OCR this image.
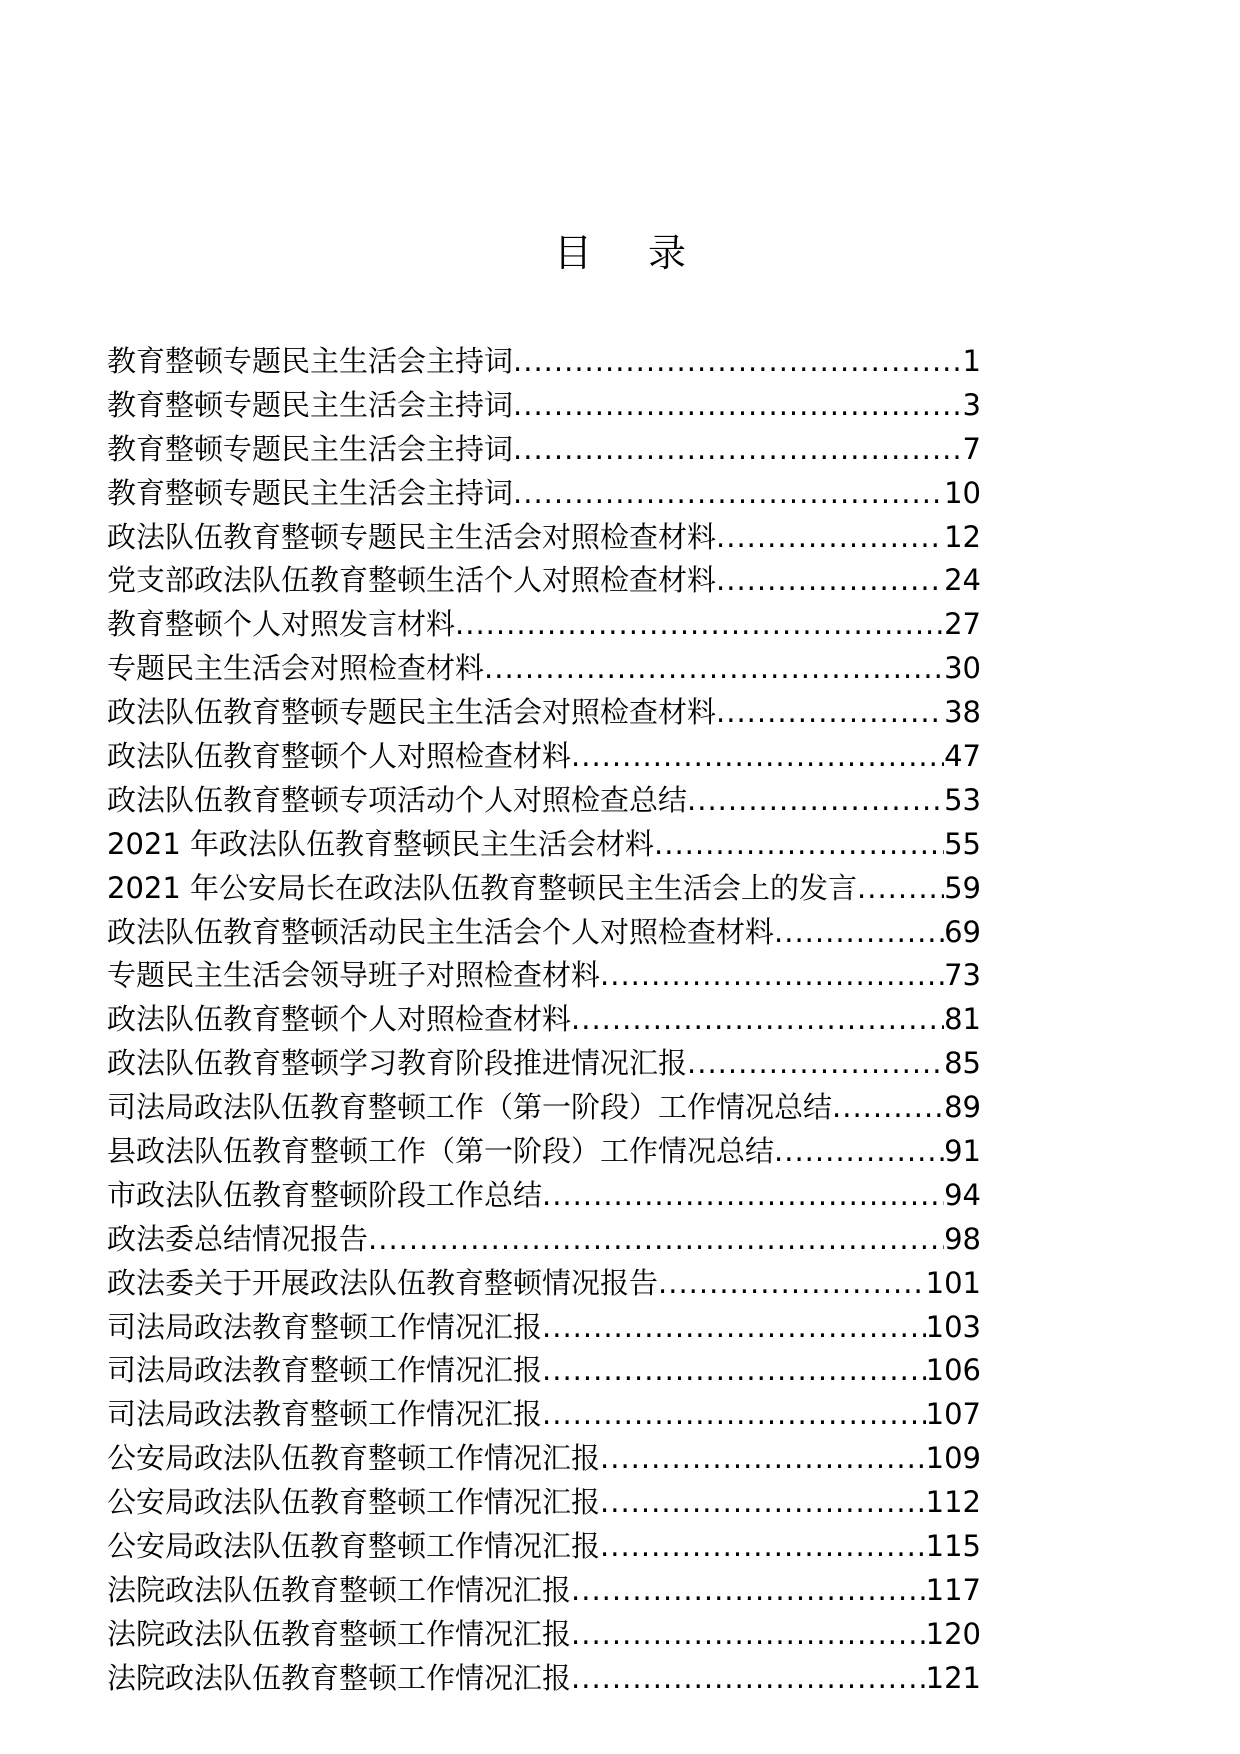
目 录
教育整顿专题民主生活会主持词 .....	1
教育整顿专题民主生活会主持词 .....	3
教育整顿专题民主生活会主持词 .....	7
教育整顿专题民主生活会主持词 .....	10
政法队伍教育整顿专题民主生活会对照检查材料 .....	12
党支部政法队伍教育整顿生活个人对照检查材料 .....	24
教育整顿个人对照发言材料 .....	27
专题民主生活会对照检查材料 .....	30
政法队伍教育整顿专题民主生活会对照检查材料 .....	38
政法队伍教育整顿个人对照检查材料 .....	47
政法队伍教育整顿专项活动个人对照检查总结 .....	53
2021 年政法队伍教育整顿民主生活会材料 .....	55
2021 年公安局长在政法队伍教育整顿民主生活会上的发言 .....	59
政法队伍教育整顿活动民主生活会个人对照检查材料 .....	69
专题民主生活会领导班子对照检查材料 .....	73
政法队伍教育整顿个人对照检查材料 .....	81
政法队伍教育整顿学习教育阶段推进情况汇报 .....	85
司法局政法队伍教育整顿工作（第一阶段）工作情况总结 .....	89
县政法队伍教育整顿工作（第一阶段）工作情况总结 .....	91
市政法队伍教育整顿阶段工作总结 .....	94
政法委总结情况报告 .....	98
政法委关于开展政法队伍教育整顿情况报告 .....	101
司法局政法教育整顿工作情况汇报 .....	103
司法局政法教育整顿工作情况汇报 .....	106
司法局政法教育整顿工作情况汇报 .....	107
公安局政法队伍教育整顿工作情况汇报 .....	109
公安局政法队伍教育整顿工作情况汇报 .....	112
公安局政法队伍教育整顿工作情况汇报 .....	115
法院政法队伍教育整顿工作情况汇报 .....	117
法院政法队伍教育整顿工作情况汇报 .....	120
法院政法队伍教育整顿工作情况汇报 .....	121
